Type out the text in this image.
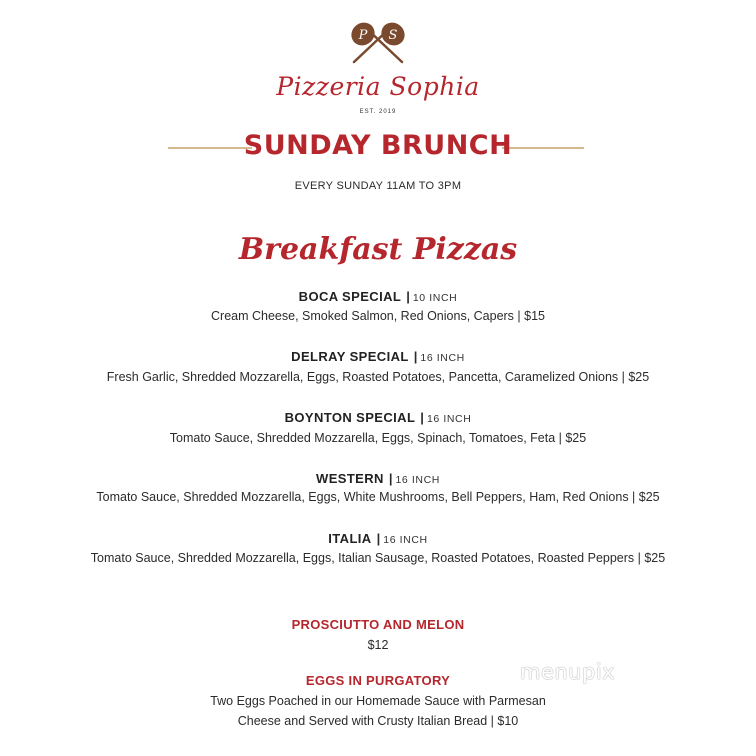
P S
Pizzeria Sophia
EST. 2019
SUNDAY BRUNCH
EVERY SUNDAY 11AM TO 3PM
Breakfast Pizzas
BOCA SPECIAL | 10 INCH
Cream Cheese, Smoked Salmon, Red Onions, Capers | $15
DELRAY SPECIAL | 16 INCH
Fresh Garlic, Shredded Mozzarella, Eggs, Roasted Potatoes, Pancetta, Caramelized Onions | $25
BOYNTON SPECIAL | 16 INCH
Tomato Sauce, Shredded Mozzarella, Eggs, Spinach, Tomatoes, Feta | $25
WESTERN | 16 INCH
Tomato Sauce, Shredded Mozzarella, Eggs, White Mushrooms, Bell Peppers, Ham, Red Onions | $25
ITALIA | 16 INCH
Tomato Sauce, Shredded Mozzarella, Eggs, Italian Sausage, Roasted Potatoes, Roasted Peppers | $25
PROSCIUTTO AND MELON
$12
EGGS IN PURGATORY
Two Eggs Poached in our Homemade Sauce with Parmesan
Cheese and Served with Crusty Italian Bread | $10
menupix
